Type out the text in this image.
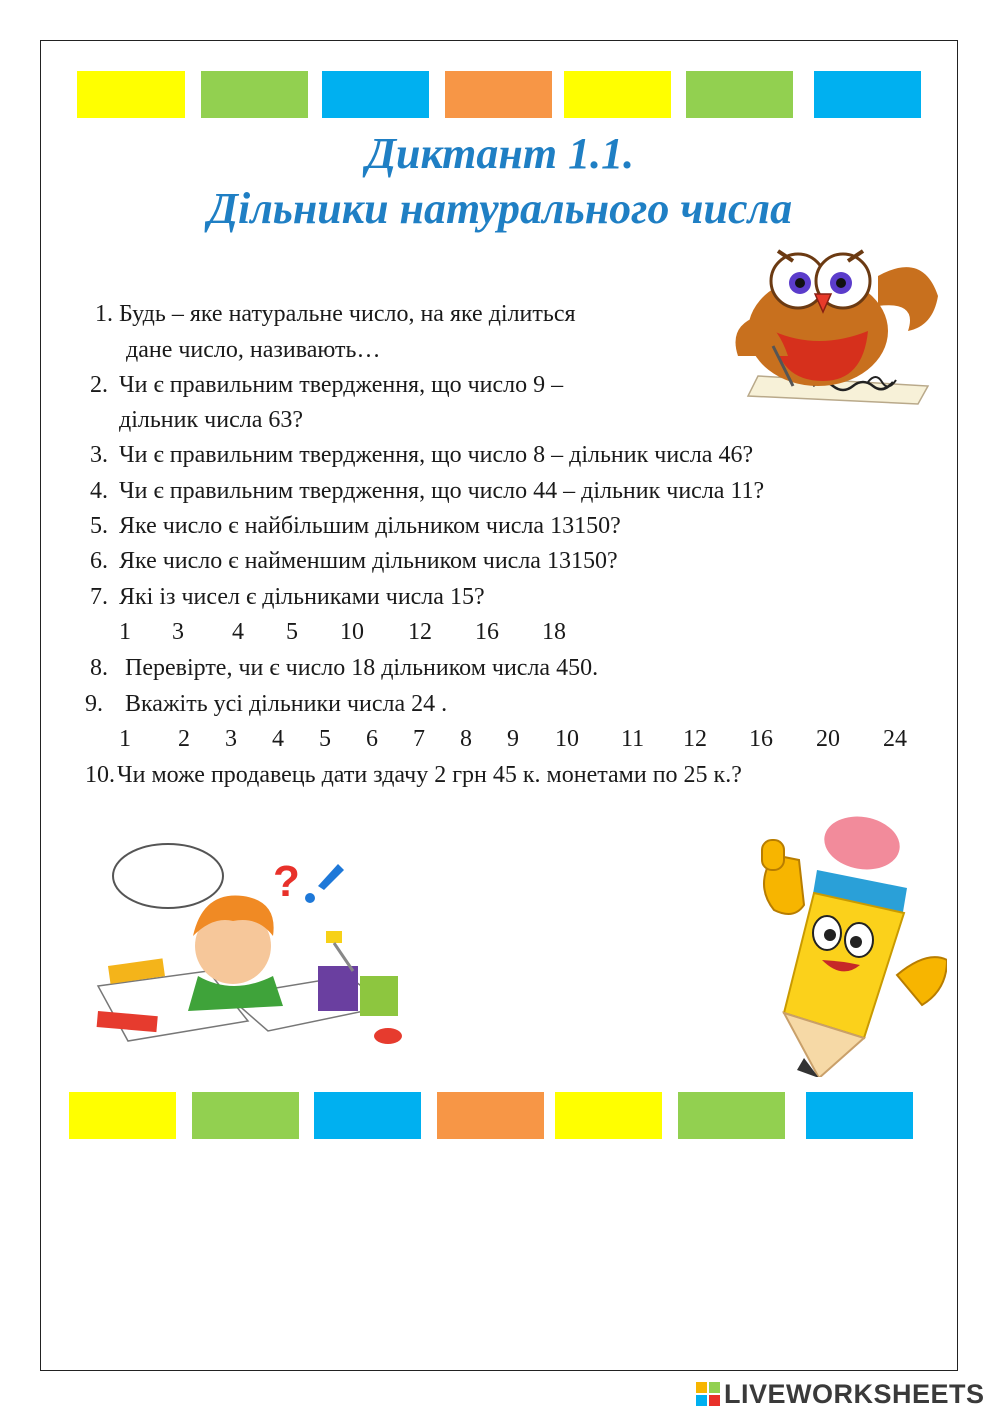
Диктант 1.1.
Дільники натурального числа
1. Будь – яке натуральне число, на яке ділиться
дане число, називають…
2. Чи є правильним твердження, що число 9 –
дільник числа 63?
3. Чи є правильним твердження, що число 8 – дільник числа 46?
4. Чи є правильним твердження, що число 44 – дільник числа 11?
5. Яке число є найбільшим дільником числа 13150?
6. Яке число є найменшим дільником числа 13150?
7. Які із чисел є дільниками числа 15?
1 3 4 5 10 12 16 18
8. Перевірте, чи є число 18 дільником числа 450.
9. Вкажіть усі дільники числа 24 .
1 2 3 4 5 6 7 8 9 10 11 12 16 20 24
10. Чи може продавець дати здачу 2 грн 45 к. монетами по 25 к.?
?
LIVEWORKSHEETS
